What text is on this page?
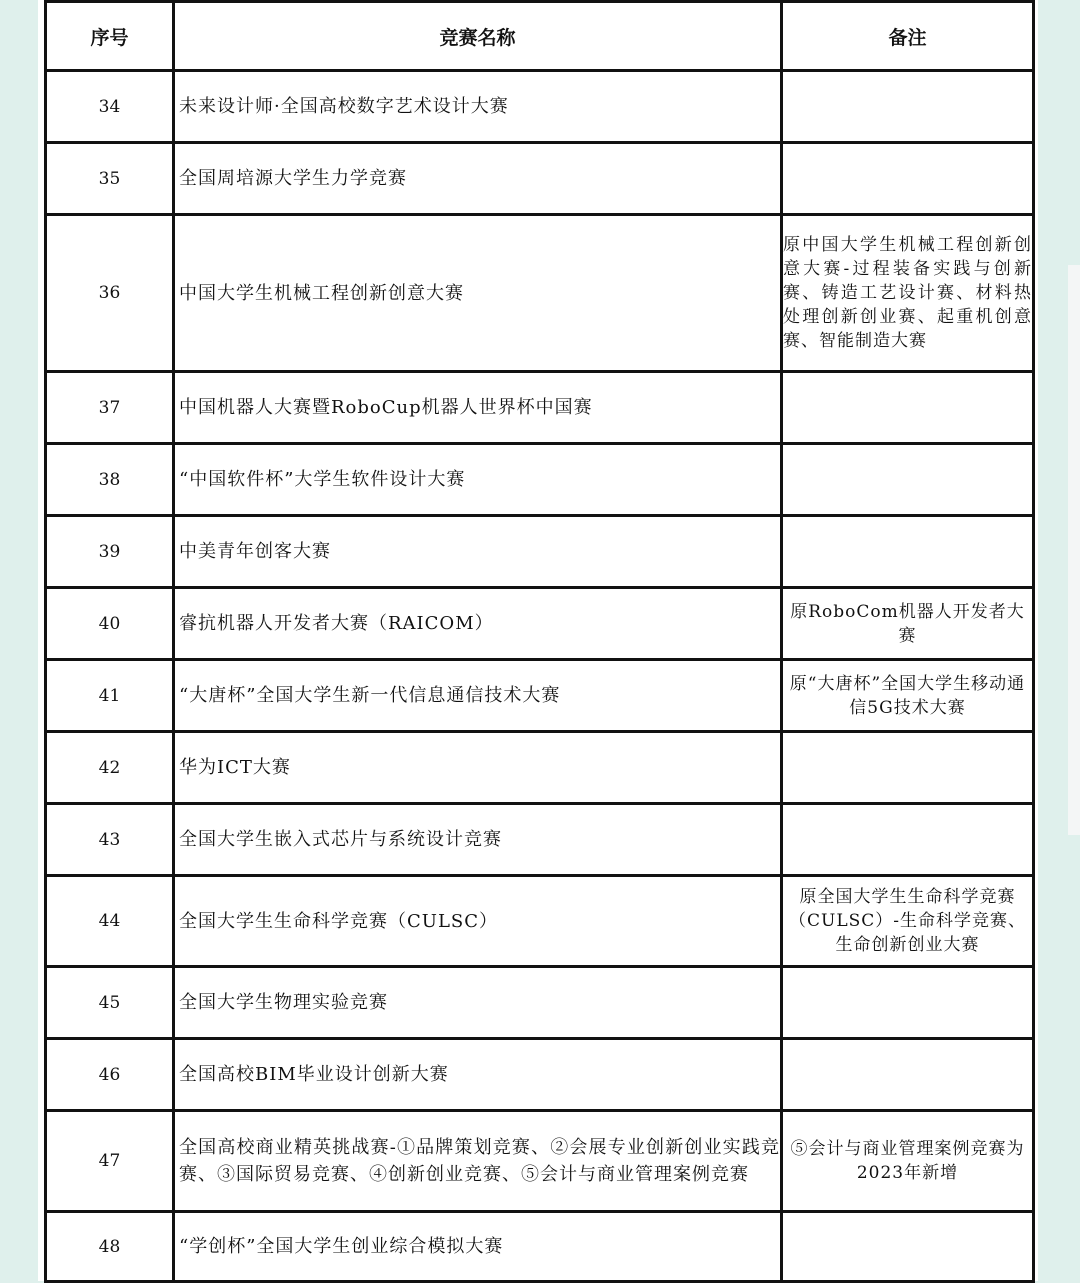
序号	竞赛名称	备注
34	未来设计师·全国高校数字艺术设计大赛	
35	全国周培源大学生力学竞赛	
36	中国大学生机械工程创新创意大赛	原中国大学生机械工程创新创意大赛-过程装备实践与创新赛、铸造工艺设计赛、材料热处理创新创业赛、起重机创意赛、智能制造大赛
37	中国机器人大赛暨RoboCup机器人世界杯中国赛	
38	“中国软件杯”大学生软件设计大赛	
39	中美青年创客大赛	
40	睿抗机器人开发者大赛（RAICOM）	原RoboCom机器人开发者大赛
41	“大唐杯”全国大学生新一代信息通信技术大赛	原“大唐杯”全国大学生移动通信5G技术大赛
42	华为ICT大赛	
43	全国大学生嵌入式芯片与系统设计竞赛	
44	全国大学生生命科学竞赛（CULSC）	原全国大学生生命科学竞赛（CULSC）-生命科学竞赛、生命创新创业大赛
45	全国大学生物理实验竞赛	
46	全国高校BIM毕业设计创新大赛	
47	全国高校商业精英挑战赛-①品牌策划竞赛、②会展专业创新创业实践竞赛、③国际贸易竞赛、④创新创业竞赛、⑤会计与商业管理案例竞赛	⑤会计与商业管理案例竞赛为2023年新增
48	“学创杯”全国大学生创业综合模拟大赛	
